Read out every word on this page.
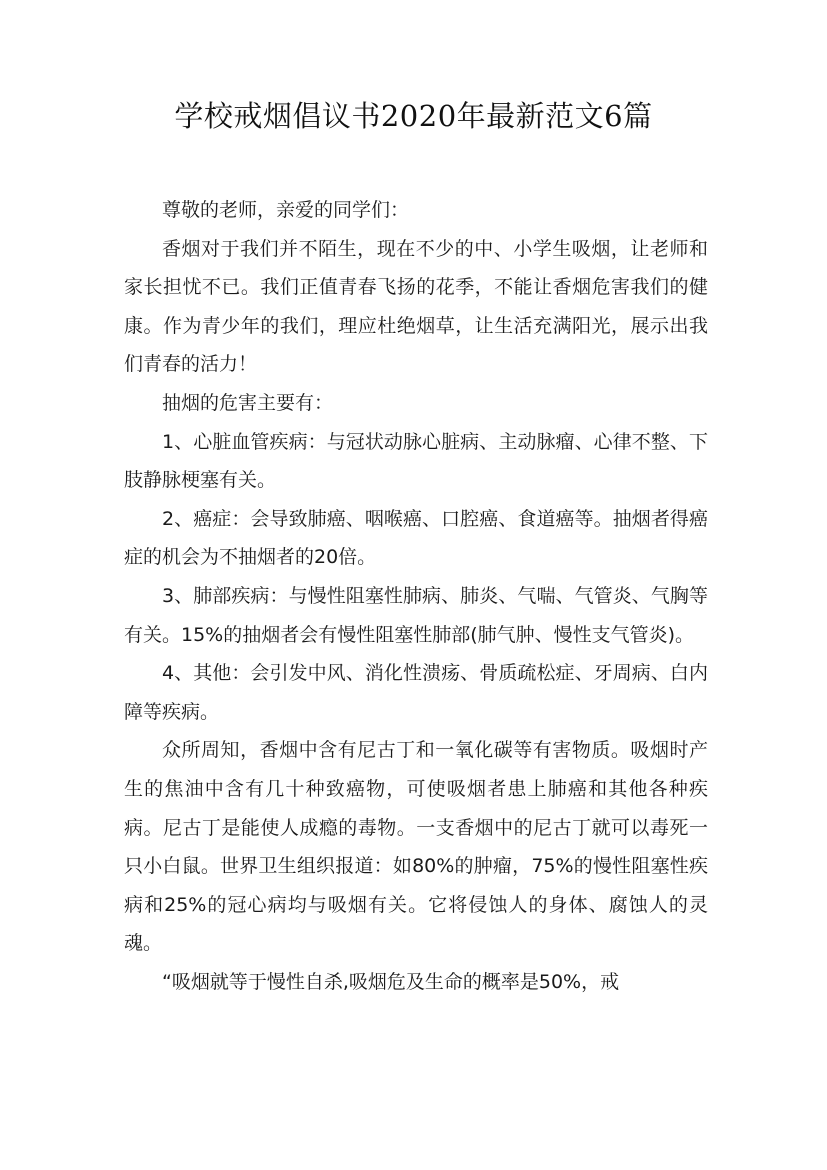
学校戒烟倡议书2020年最新范文6篇

尊敬的老师，亲爱的同学们：

香烟对于我们并不陌生，现在不少的中、小学生吸烟，让老师和家长担忧不已。我们正值青春飞扬的花季，不能让香烟危害我们的健康。作为青少年的我们，理应杜绝烟草，让生活充满阳光，展示出我们青春的活力！

抽烟的危害主要有：

1、心脏血管疾病：与冠状动脉心脏病、主动脉瘤、心律不整、下肢静脉梗塞有关。

2、癌症：会导致肺癌、咽喉癌、口腔癌、食道癌等。抽烟者得癌症的机会为不抽烟者的20倍。

3、肺部疾病：与慢性阻塞性肺病、肺炎、气喘、气管炎、气胸等有关。15%的抽烟者会有慢性阻塞性肺部(肺气肿、慢性支气管炎)。

4、其他：会引发中风、消化性溃疡、骨质疏松症、牙周病、白内障等疾病。

众所周知，香烟中含有尼古丁和一氧化碳等有害物质。吸烟时产生的焦油中含有几十种致癌物，可使吸烟者患上肺癌和其他各种疾病。尼古丁是能使人成瘾的毒物。一支香烟中的尼古丁就可以毒死一只小白鼠。世界卫生组织报道：如80%的肿瘤，75%的慢性阻塞性疾病和25%的冠心病均与吸烟有关。它将侵蚀人的身体、腐蚀人的灵魂。

“吸烟就等于慢性自杀,吸烟危及生命的概率是50%，戒
